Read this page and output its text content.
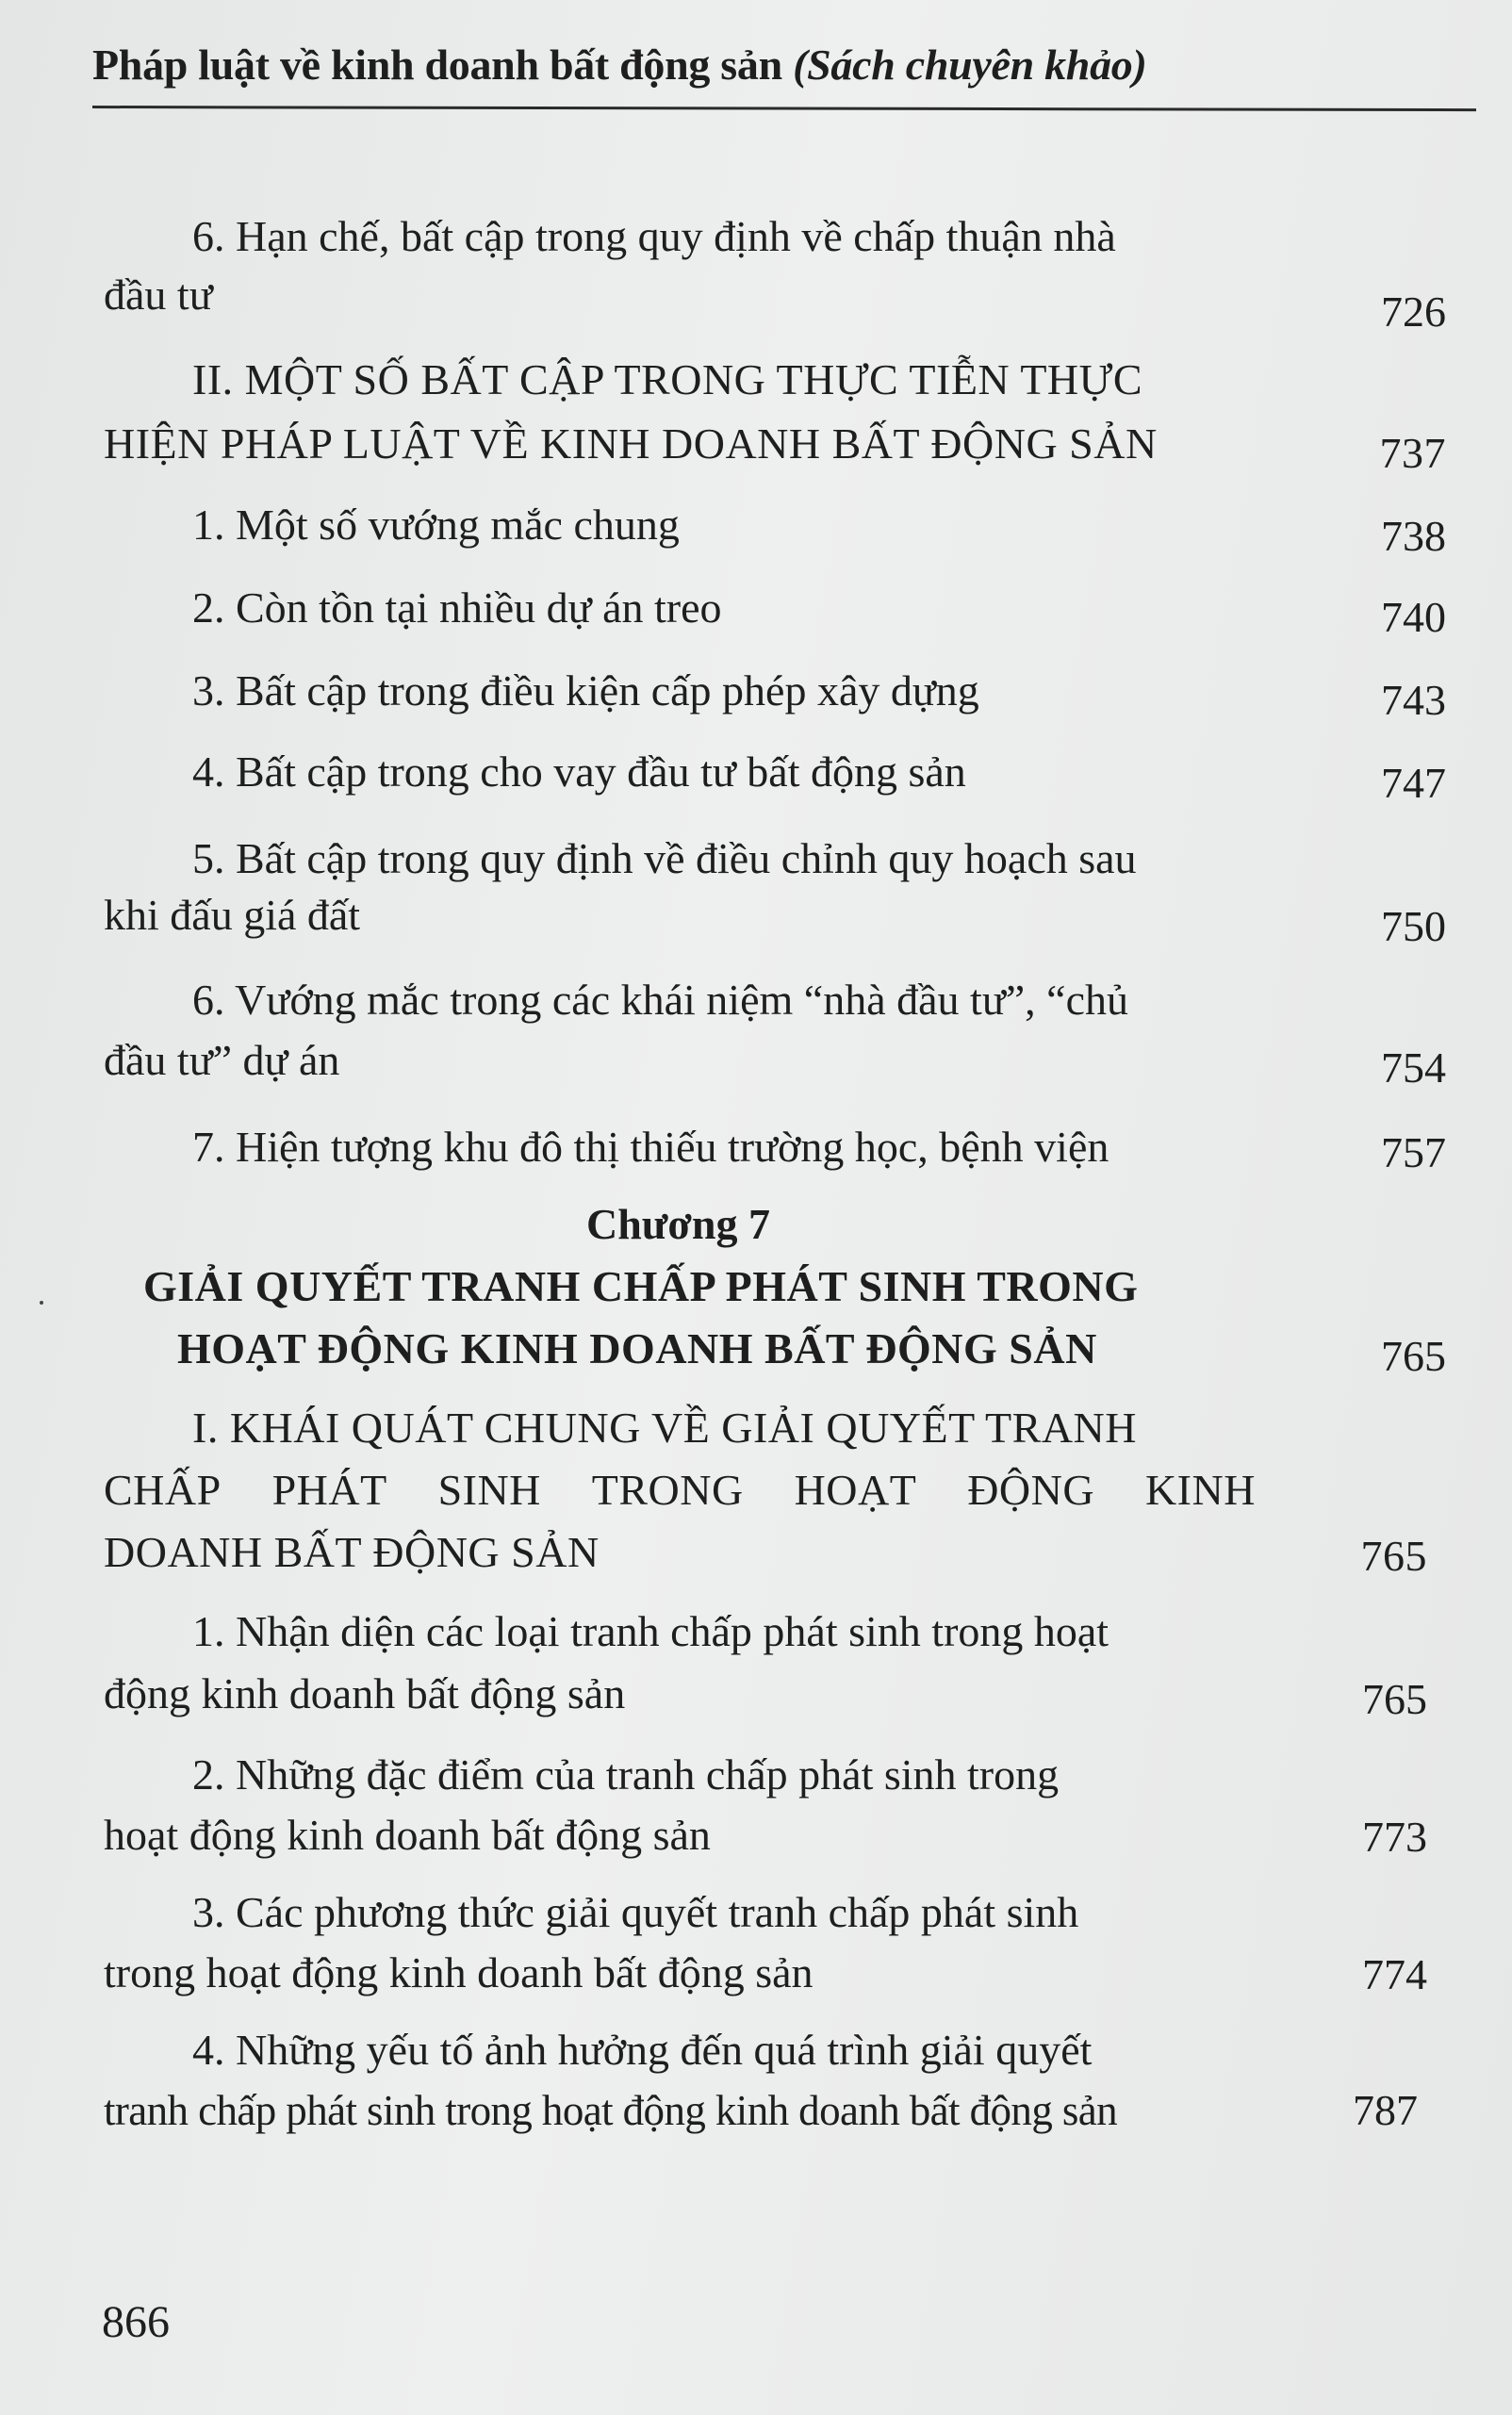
Pháp luật về kinh doanh bất động sản (Sách chuyên khảo)
6. Hạn chế, bất cập trong quy định về chấp thuận nhà
đầu tư	726
II. MỘT SỐ BẤT CẬP TRONG THỰC TIỄN THỰC
HIỆN PHÁP LUẬT VỀ KINH DOANH BẤT ĐỘNG SẢN	737
1. Một số vướng mắc chung	738
2. Còn tồn tại nhiều dự án treo	740
3. Bất cập trong điều kiện cấp phép xây dựng	743
4. Bất cập trong cho vay đầu tư bất động sản	747
5. Bất cập trong quy định về điều chỉnh quy hoạch sau
khi đấu giá đất	750
6. Vướng mắc trong các khái niệm “nhà đầu tư”, “chủ
đầu tư” dự án	754
7. Hiện tượng khu đô thị thiếu trường học, bệnh viện	757
Chương 7
GIẢI QUYẾT TRANH CHẤP PHÁT SINH TRONG
HOẠT ĐỘNG KINH DOANH BẤT ĐỘNG SẢN	765
I. KHÁI QUÁT CHUNG VỀ GIẢI QUYẾT TRANH
CHẤP PHÁT SINH TRONG HOẠT ĐỘNG KINH
DOANH BẤT ĐỘNG SẢN	765
1. Nhận diện các loại tranh chấp phát sinh trong hoạt
động kinh doanh bất động sản	765
2. Những đặc điểm của tranh chấp phát sinh trong
hoạt động kinh doanh bất động sản	773
3. Các phương thức giải quyết tranh chấp phát sinh
trong hoạt động kinh doanh bất động sản	774
4. Những yếu tố ảnh hưởng đến quá trình giải quyết
tranh chấp phát sinh trong hoạt động kinh doanh bất động sản	787
866
